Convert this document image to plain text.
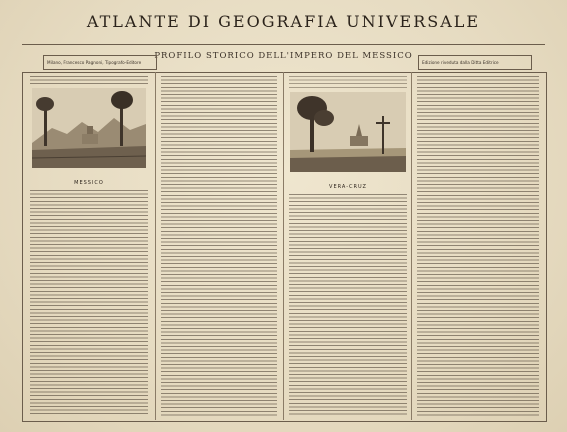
ATLANTE DI GEOGRAFIA UNIVERSALE
PROFILO STORICO DELL'IMPERO DEL MESSICO
Milano, Francesco Pagnoni, Tipografo-Editore	Edizione riveduta dalla Ditta Editrice
MESSICO
VERA-CRUZ
